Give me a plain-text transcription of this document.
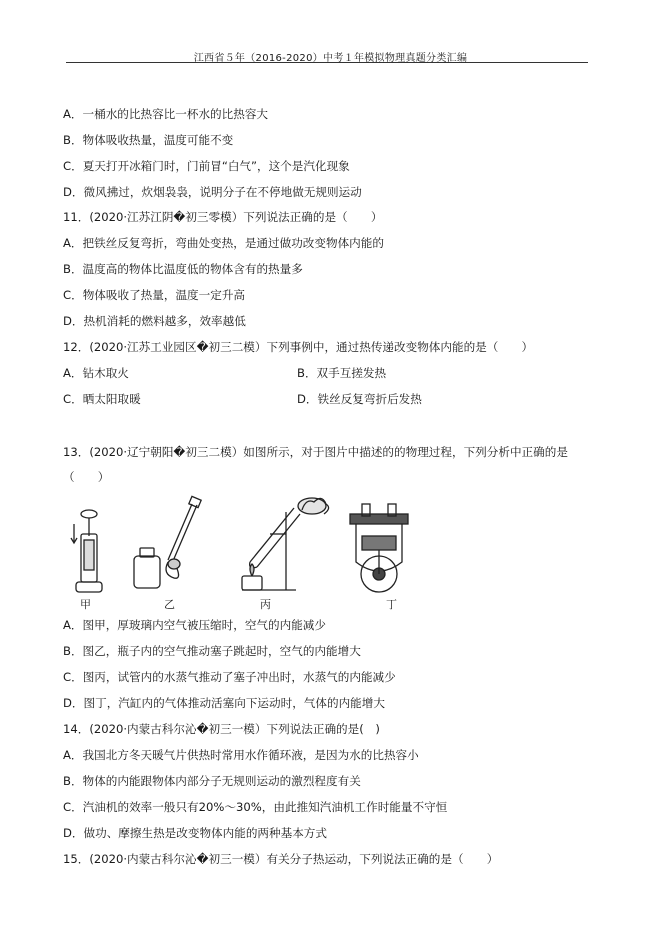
江西省５年（2016-2020）中考１年模拟物理真题分类汇编
A．一桶水的比热容比一杯水的比热容大
B．物体吸收热量，温度可能不变
C．夏天打开冰箱门时，门前冒“白气”，这个是汽化现象
D．微风拂过，炊烟袅袅，说明分子在不停地做无规则运动
11．(2020·江苏江阴�初三零模）下列说法正确的是（　　）
A．把铁丝反复弯折，弯曲处变热，是通过做功改变物体内能的
B．温度高的物体比温度低的物体含有的热量多
C．物体吸收了热量，温度一定升高
D．热机消耗的燃料越多，效率越低
12．(2020·江苏工业园区�初三二模）下列事例中，通过热传递改变物体内能的是（　　）
A．钻木取火	B．双手互搓发热
C．晒太阳取暖	D．铁丝反复弯折后发热
13．(2020·辽宁朝阳�初三二模）如图所示，对于图片中描述的的物理过程，下列分析中正确的是
（　　）
甲	乙	丙	丁
A．图甲，厚玻璃内空气被压缩时，空气的内能减少
B．图乙，瓶子内的空气推动塞子跳起时，空气的内能增大
C．图丙，试管内的水蒸气推动了塞子冲出时，水蒸气的内能减少
D．图丁，汽缸内的气体推动活塞向下运动时，气体的内能增大
14．(2020·内蒙古科尔沁�初三一模）下列说法正确的是(　)
A．我国北方冬天暖气片供热时常用水作循环液，是因为水的比热容小
B．物体的内能跟物体内部分子无规则运动的激烈程度有关
C．汽油机的效率一般只有20%～30%，由此推知汽油机工作时能量不守恒
D．做功、摩擦生热是改变物体内能的两种基本方式
15．(2020·内蒙古科尔沁�初三一模）有关分子热运动，下列说法正确的是（　　）
